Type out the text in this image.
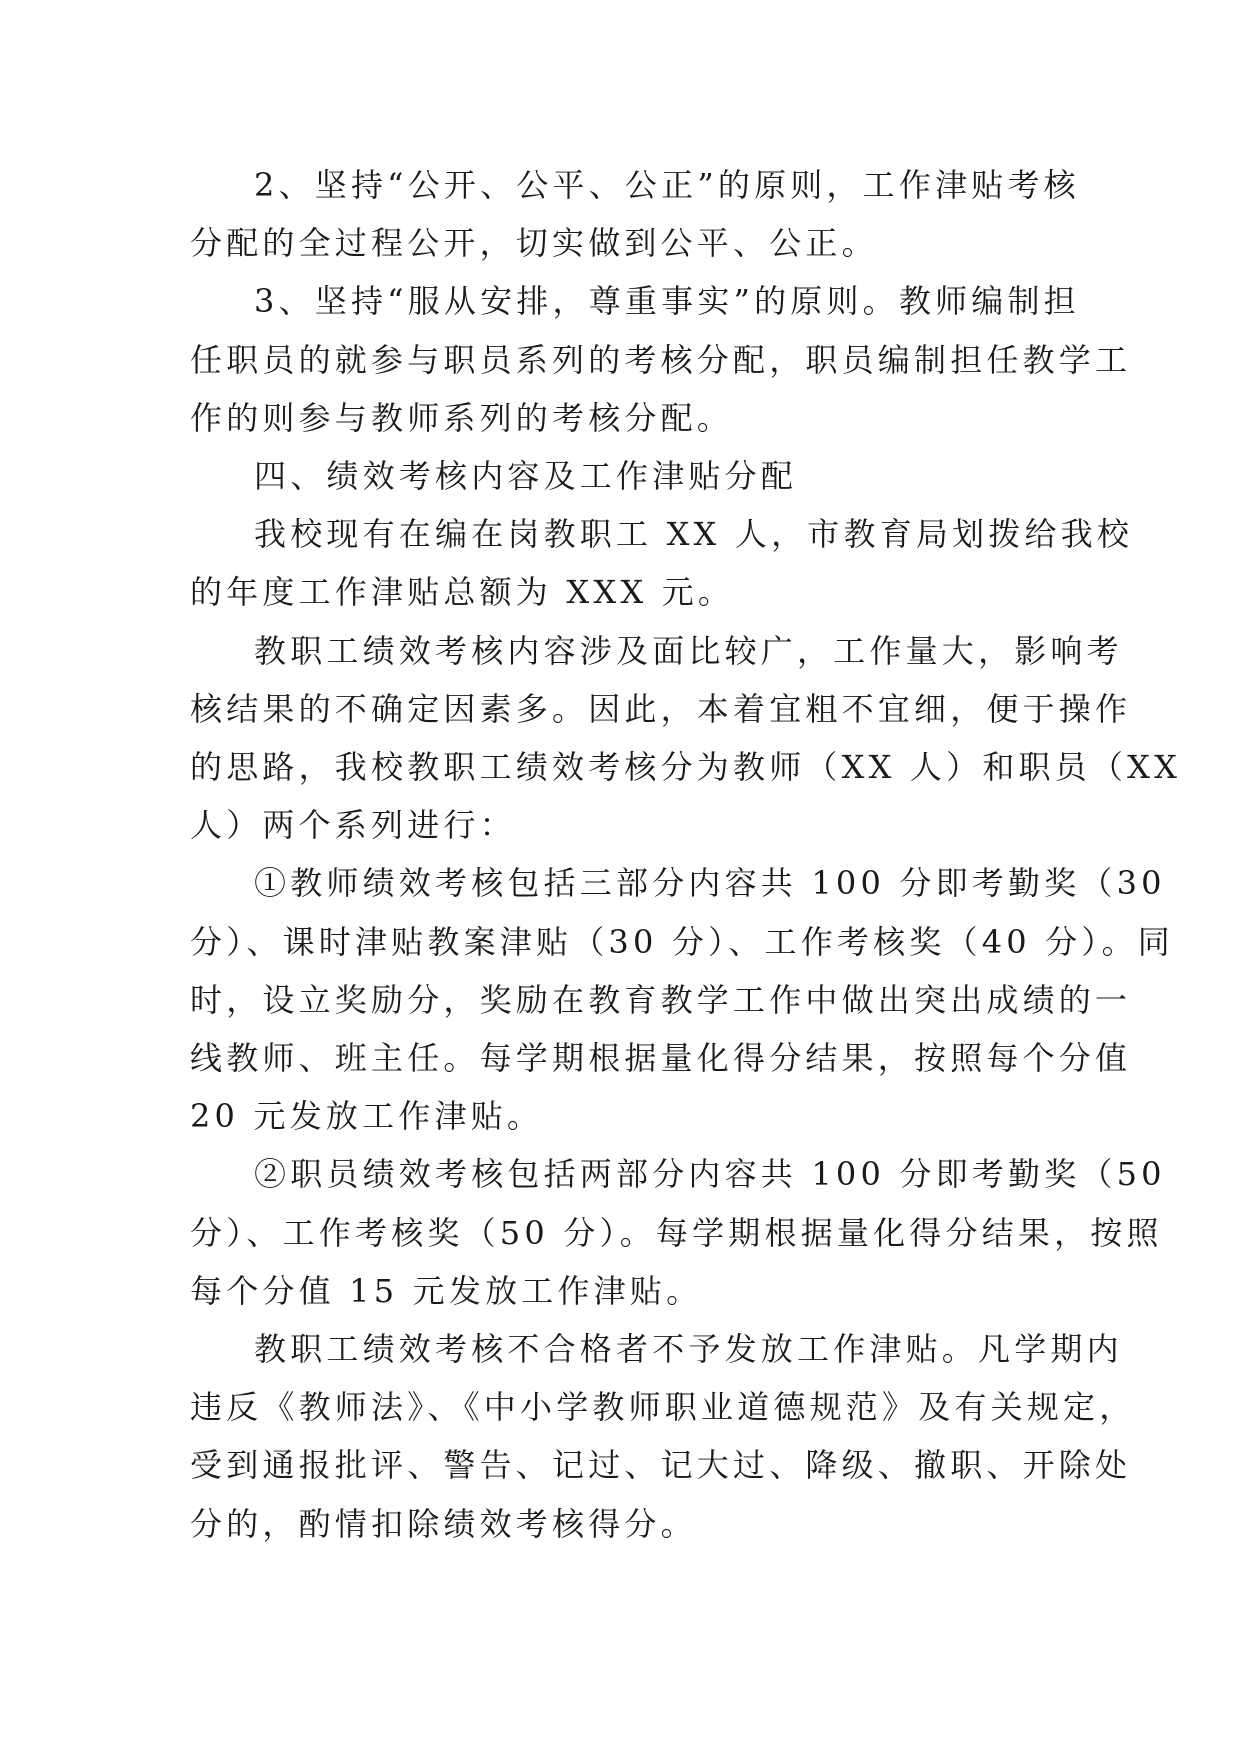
2、坚持“公开、公平、公正”的原则，工作津贴考核

分配的全过程公开，切实做到公平、公正。

3、坚持“服从安排，尊重事实”的原则。教师编制担

任职员的就参与职员系列的考核分配，职员编制担任教学工

作的则参与教师系列的考核分配。

四、绩效考核内容及工作津贴分配

我校现有在编在岗教职工 XX 人，市教育局划拨给我校

的年度工作津贴总额为 XXX 元。

教职工绩效考核内容涉及面比较广，工作量大，影响考

核结果的不确定因素多。因此，本着宜粗不宜细，便于操作

的思路，我校教职工绩效考核分为教师（XX 人）和职员（XX

人）两个系列进行：

①教师绩效考核包括三部分内容共 100 分即考勤奖（30

分）、课时津贴教案津贴（30 分）、工作考核奖（40 分）。同

时，设立奖励分，奖励在教育教学工作中做出突出成绩的一

线教师、班主任。每学期根据量化得分结果，按照每个分值

20 元发放工作津贴。

②职员绩效考核包括两部分内容共 100 分即考勤奖（50

分）、工作考核奖（50 分）。每学期根据量化得分结果，按照

每个分值 15 元发放工作津贴。

教职工绩效考核不合格者不予发放工作津贴。凡学期内

违反《教师法》、《中小学教师职业道德规范》及有关规定，

受到通报批评、警告、记过、记大过、降级、撤职、开除处

分的，酌情扣除绩效考核得分。
